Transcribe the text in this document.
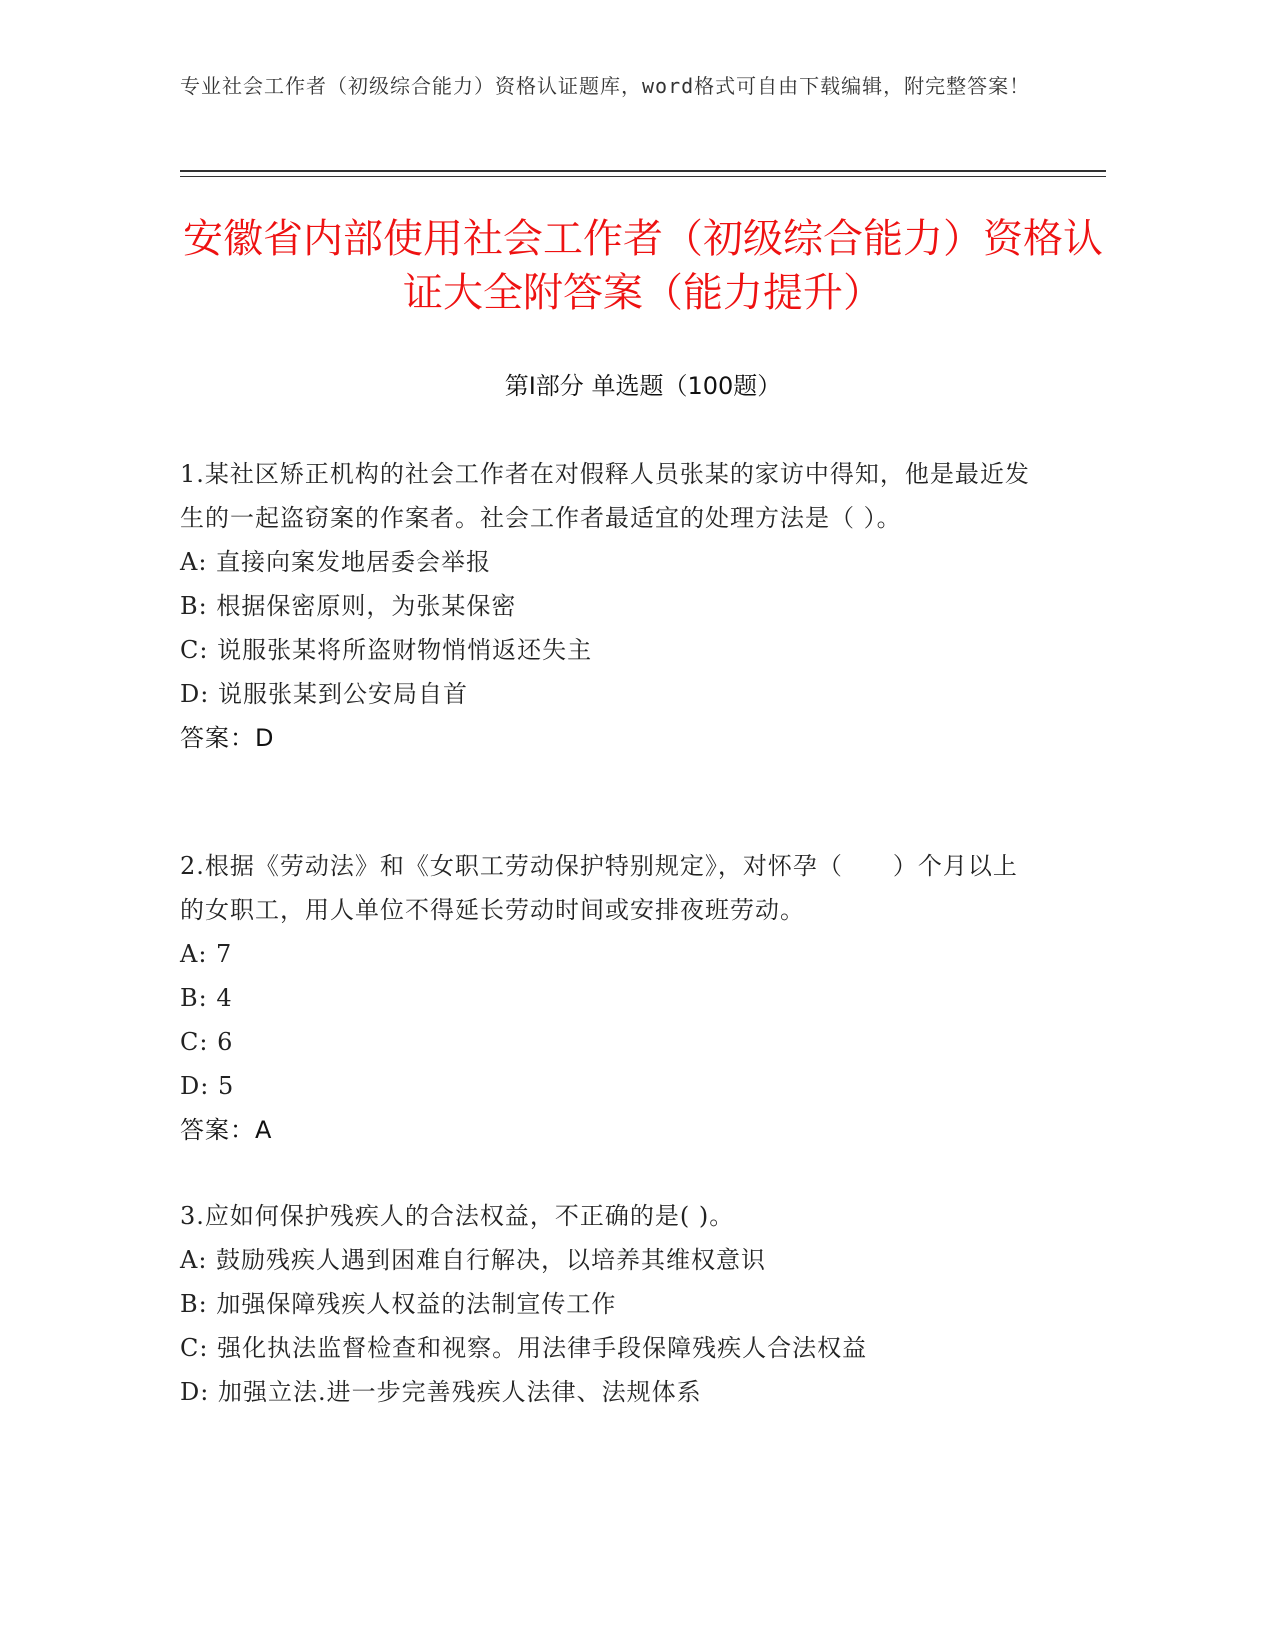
专业社会工作者（初级综合能力）资格认证题库，word格式可自由下载编辑，附完整答案！
安徽省内部使用社会工作者（初级综合能力）资格认证大全附答案（能力提升）
第Ⅰ部分 单选题（100题）

1.某社区矫正机构的社会工作者在对假释人员张某的家访中得知，他是最近发生的一起盗窃案的作案者。社会工作者最适宜的处理方法是（ ）。

A: 直接向案发地居委会举报

B: 根据保密原则，为张某保密

C: 说服张某将所盗财物悄悄返还失主

D: 说服张某到公安局自首

答案：D

2.根据《劳动法》和《女职工劳动保护特别规定》，对怀孕（　　）个月以上的女职工，用人单位不得延长劳动时间或安排夜班劳动。

A: 7

B: 4

C: 6

D: 5

答案：A

3.应如何保护残疾人的合法权益，不正确的是( )。

A: 鼓励残疾人遇到困难自行解决，以培养其维权意识

B: 加强保障残疾人权益的法制宣传工作

C: 强化执法监督检查和视察。用法律手段保障残疾人合法权益

D: 加强立法.进一步完善残疾人法律、法规体系
